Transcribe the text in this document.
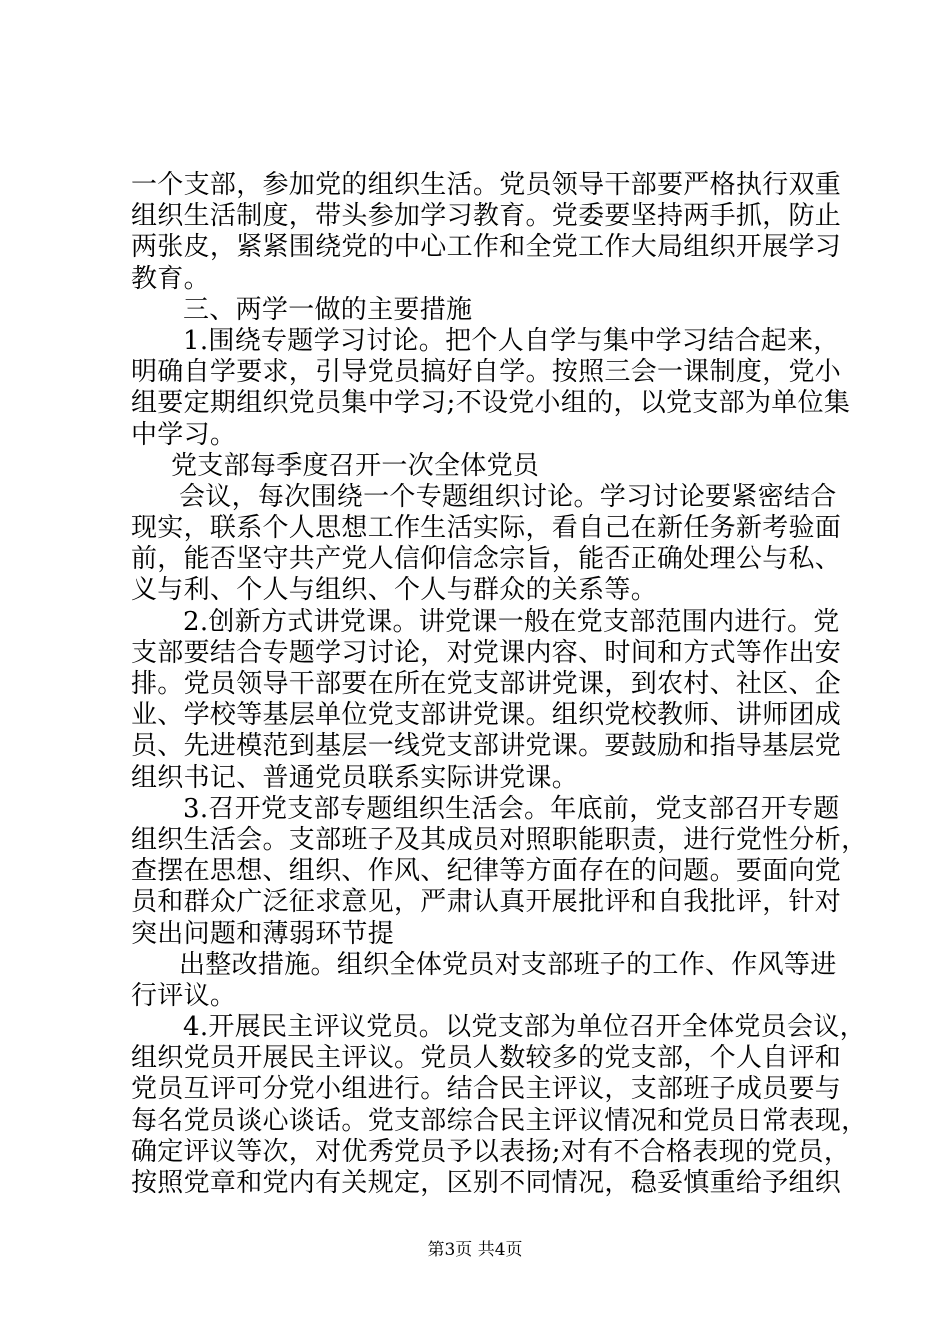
一个支部，参加党的组织生活。党员领导干部要严格执行双重
组织生活制度，带头参加学习教育。党委要坚持两手抓，防止
两张皮，紧紧围绕党的中心工作和全党工作大局组织开展学习
教育。
三、两学一做的主要措施
1.围绕专题学习讨论。把个人自学与集中学习结合起来，
明确自学要求，引导党员搞好自学。按照三会一课制度，党小
组要定期组织党员集中学习;不设党小组的，以党支部为单位集
中学习。
党支部每季度召开一次全体党员
会议，每次围绕一个专题组织讨论。学习讨论要紧密结合
现实，联系个人思想工作生活实际，看自己在新任务新考验面
前，能否坚守共产党人信仰信念宗旨，能否正确处理公与私、
义与利、个人与组织、个人与群众的关系等。
2.创新方式讲党课。讲党课一般在党支部范围内进行。党
支部要结合专题学习讨论，对党课内容、时间和方式等作出安
排。党员领导干部要在所在党支部讲党课，到农村、社区、企
业、学校等基层单位党支部讲党课。组织党校教师、讲师团成
员、先进模范到基层一线党支部讲党课。要鼓励和指导基层党
组织书记、普通党员联系实际讲党课。
3.召开党支部专题组织生活会。年底前，党支部召开专题
组织生活会。支部班子及其成员对照职能职责，进行党性分析，
查摆在思想、组织、作风、纪律等方面存在的问题。要面向党
员和群众广泛征求意见，严肃认真开展批评和自我批评，针对
突出问题和薄弱环节提
出整改措施。组织全体党员对支部班子的工作、作风等进
行评议。
4.开展民主评议党员。以党支部为单位召开全体党员会议，
组织党员开展民主评议。党员人数较多的党支部，个人自评和
党员互评可分党小组进行。结合民主评议，支部班子成员要与
每名党员谈心谈话。党支部综合民主评议情况和党员日常表现，
确定评议等次，对优秀党员予以表扬;对有不合格表现的党员，
按照党章和党内有关规定，区别不同情况，稳妥慎重给予组织
第3页 共4页
